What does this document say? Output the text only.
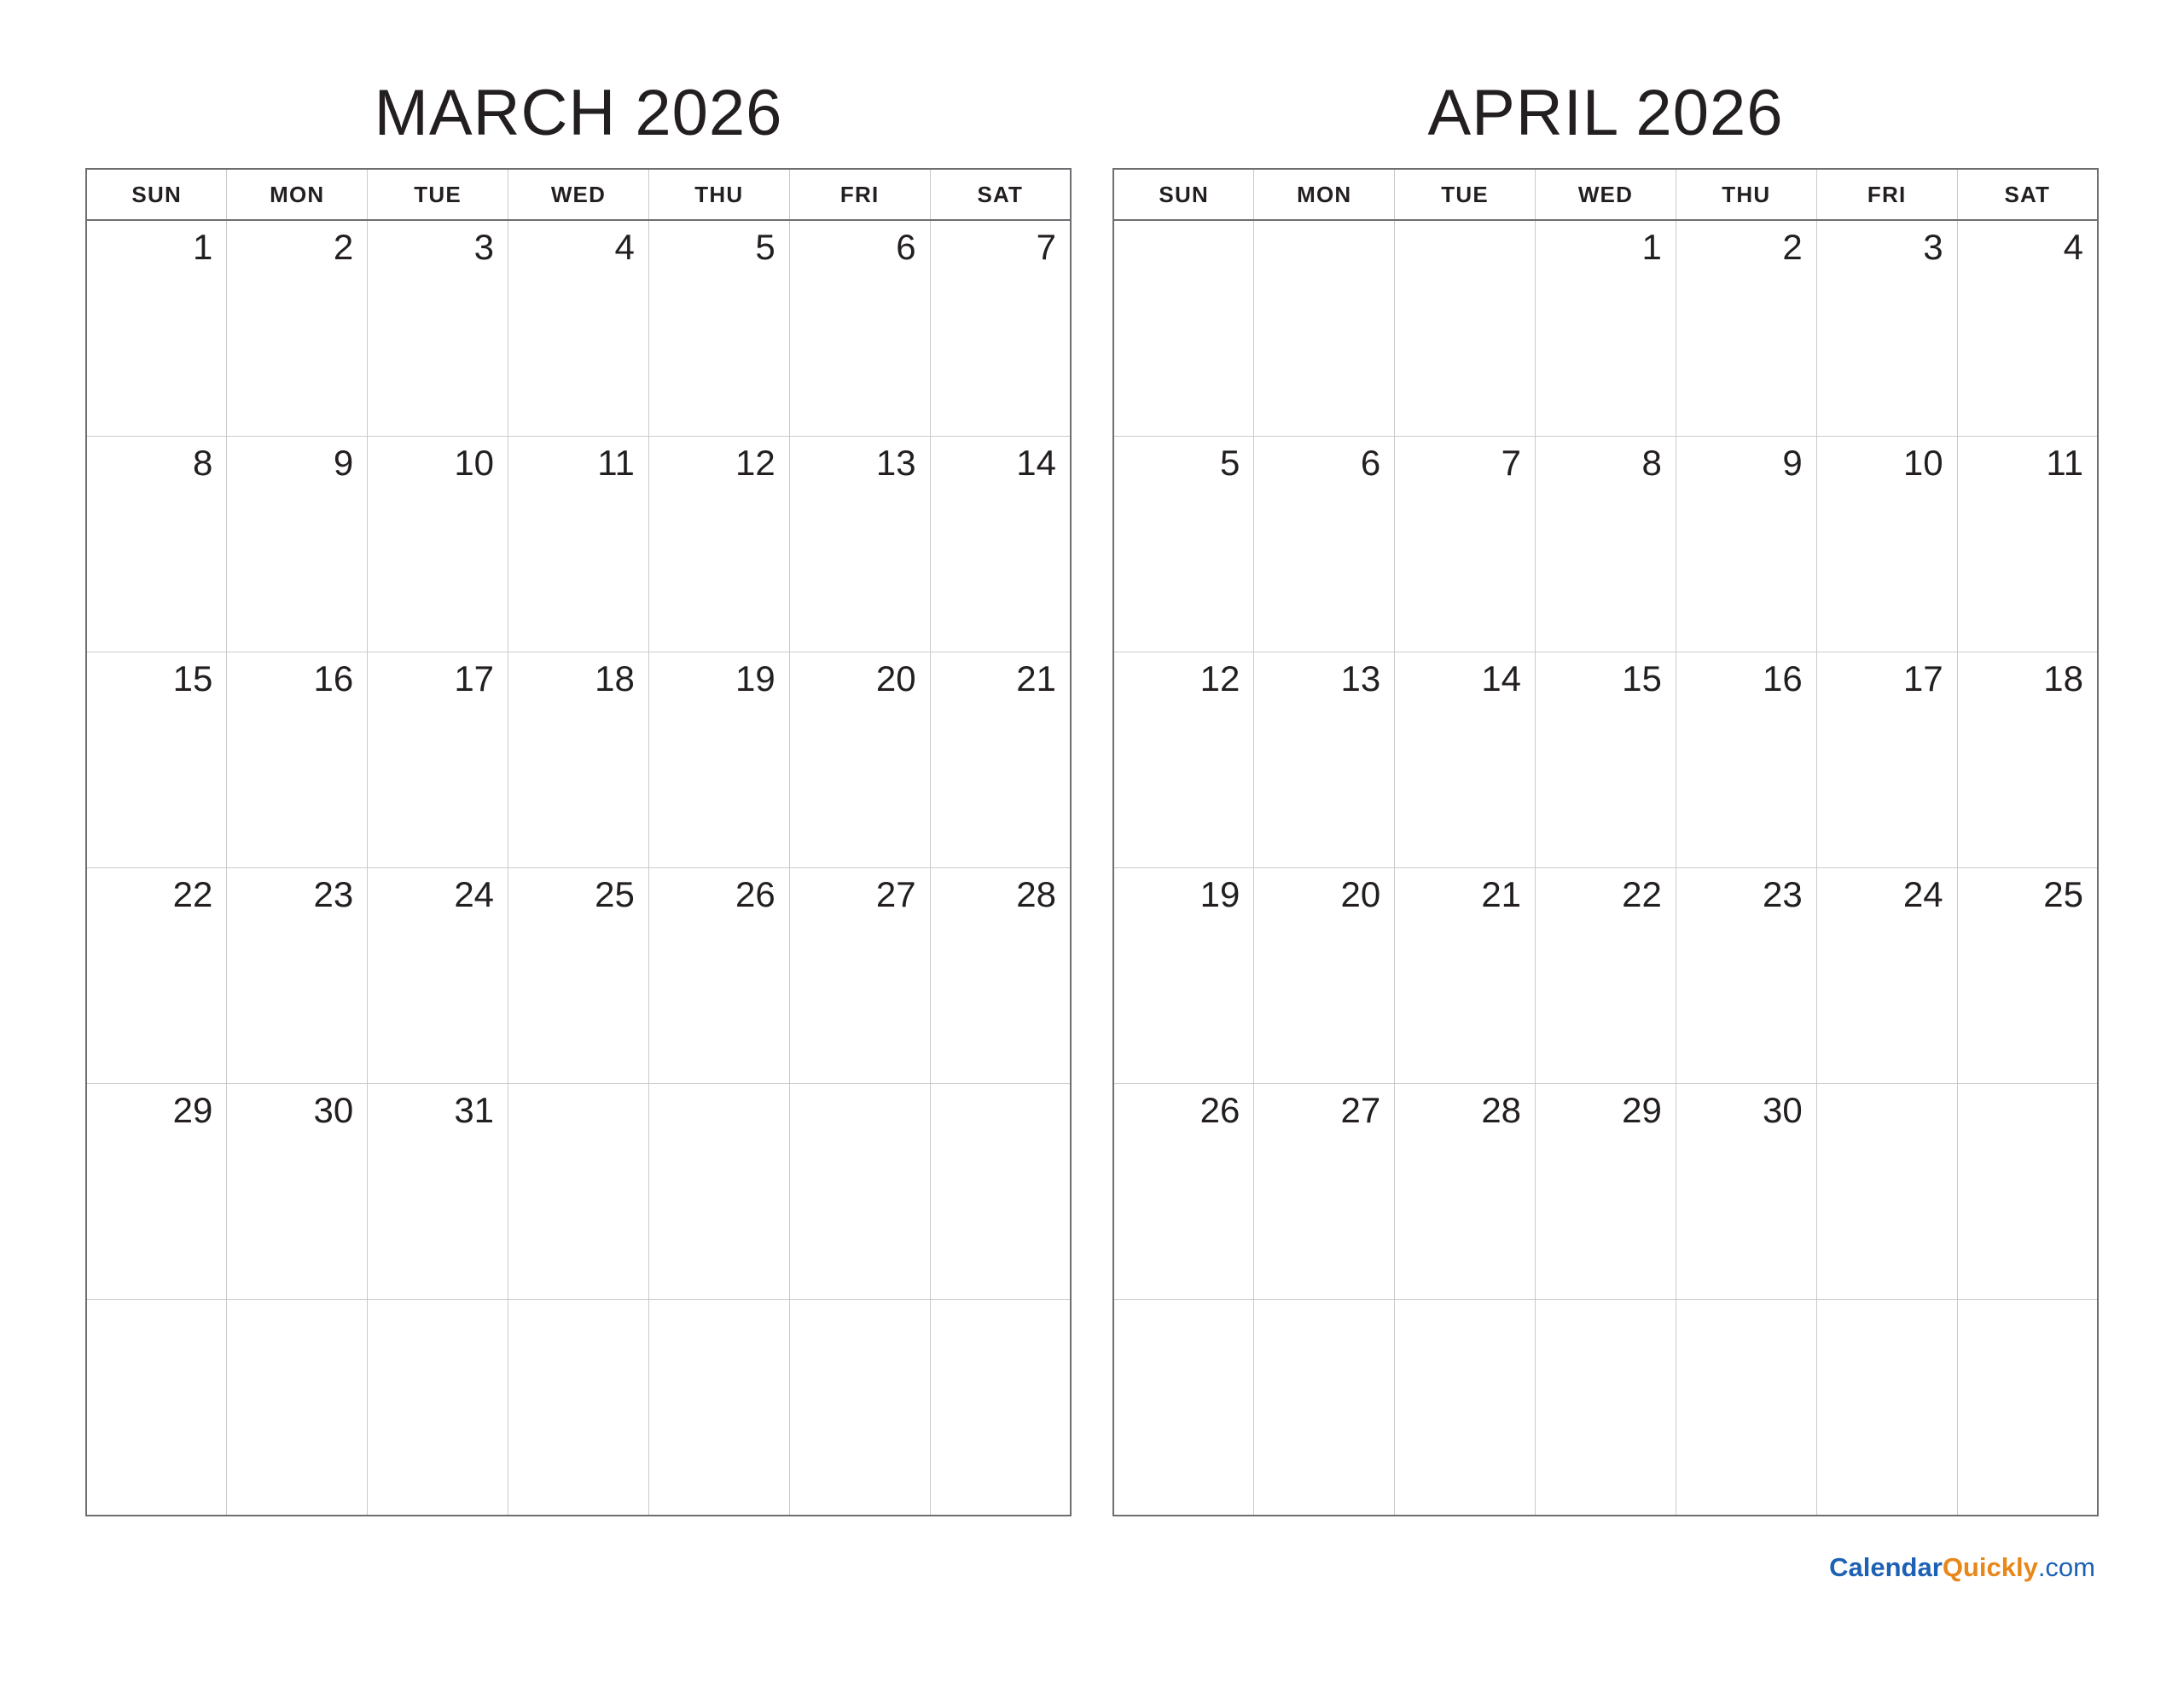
MARCH 2026
SUN	MON	TUE	WED	THU	FRI	SAT

1	2	3	4	5	6	7

8	9	10	11	12	13	14

15	16	17	18	19	20	21

22	23	24	25	26	27	28

29	30	31				

APRIL 2026
SUN	MON	TUE	WED	THU	FRI	SAT

			1	2	3	4

5	6	7	8	9	10	11

12	13	14	15	16	17	18

19	20	21	22	23	24	25

26	27	28	29	30		

CalendarQuickly.com
